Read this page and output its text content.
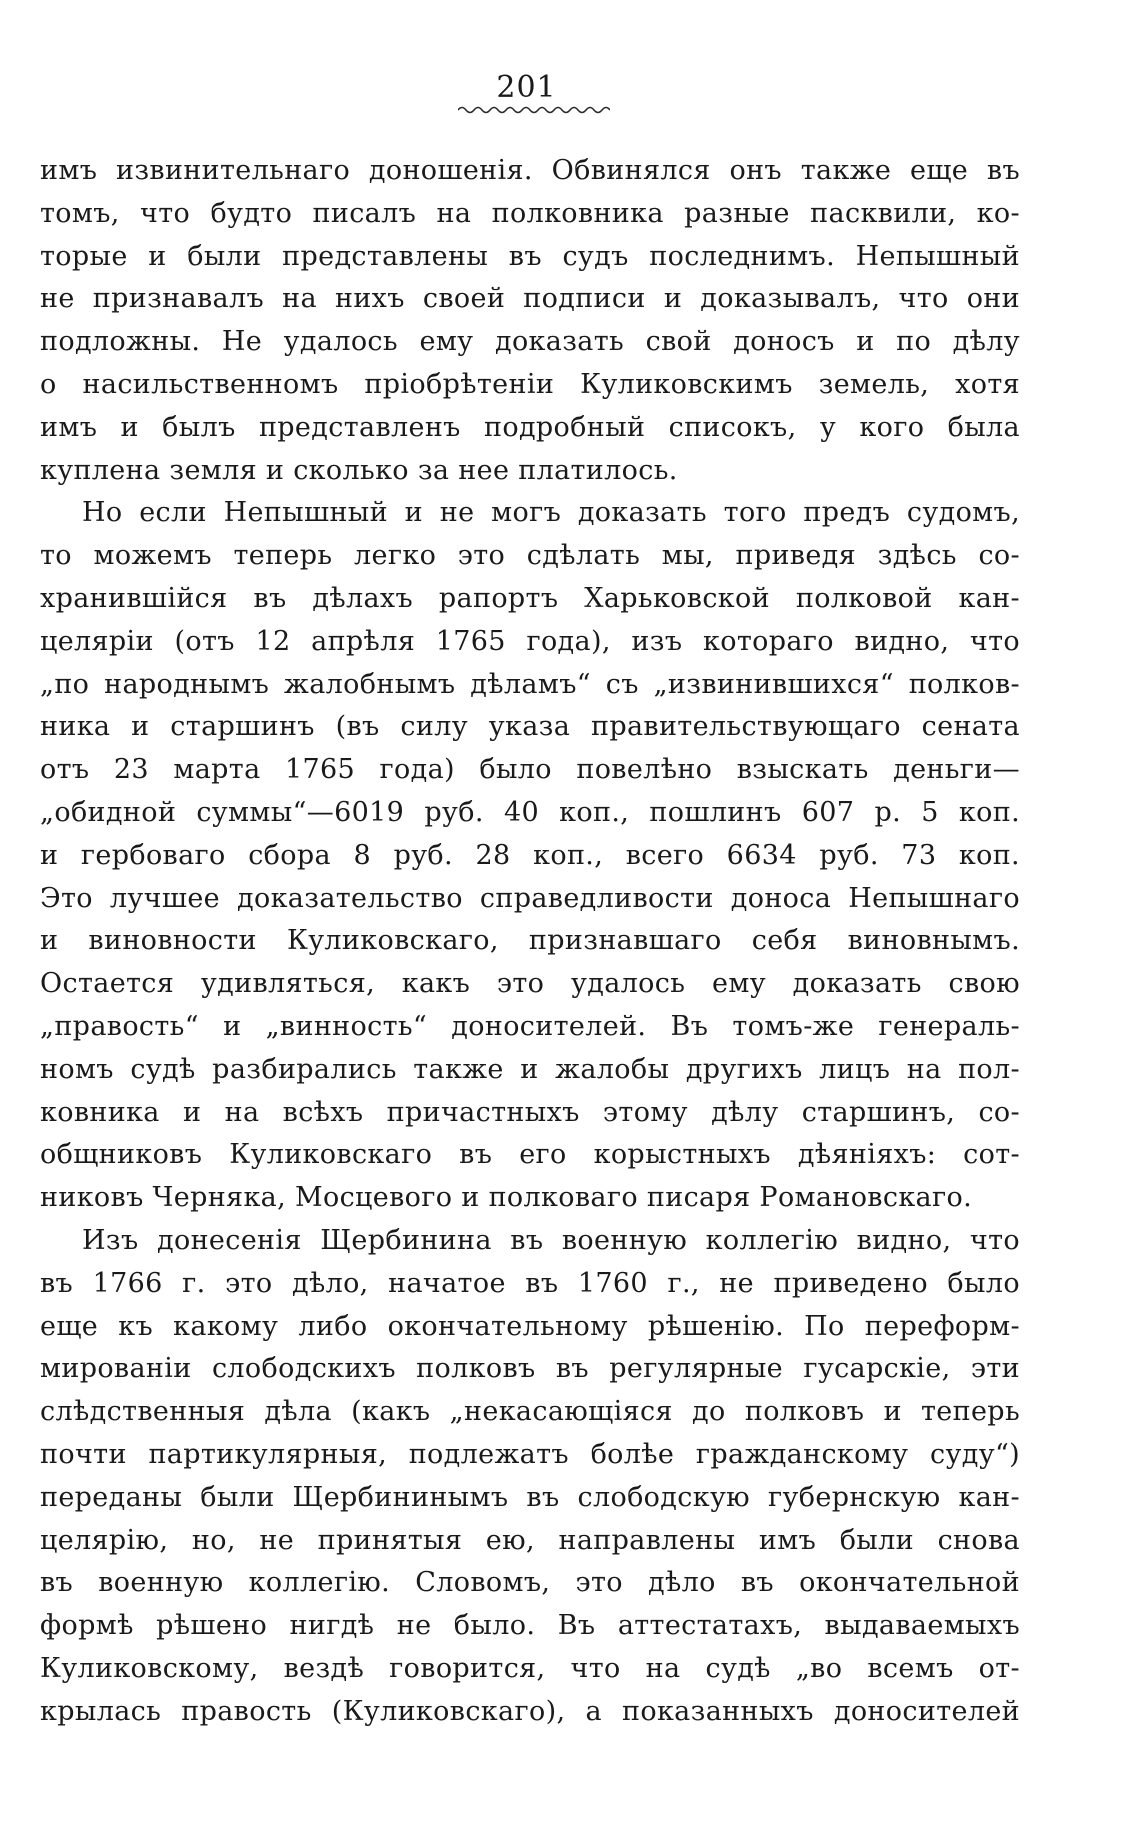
201
имъ извинительнаго доношенія. Обвинялся онъ также еще въ
томъ, что будто писалъ на полковника разные пасквили, ко-
торые и были представлены въ судъ последнимъ. Непышный
не признавалъ на нихъ своей подписи и доказывалъ, что они
подложны. Не удалось ему доказать свой доносъ и по дѣлу
о насильственномъ пріобрѣтеніи Куликовскимъ земель, хотя
имъ и былъ представленъ подробный списокъ, у кого была
куплена земля и сколько за нее платилось.
Но если Непышный и не могъ доказать того предъ судомъ,
то можемъ теперь легко это сдѣлать мы, приведя здѣсь со-
хранившійся въ дѣлахъ рапортъ Харьковской полковой кан-
целяріи (отъ 12 апрѣля 1765 года), изъ котораго видно, что
„по народнымъ жалобнымъ дѣламъ“ съ „извинившихся“ полков-
ника и старшинъ (въ силу указа правительствующаго сената
отъ 23 марта 1765 года) было повелѣно взыскать деньги—
„обидной суммы“—6019 руб. 40 коп., пошлинъ 607 р. 5 коп.
и гербоваго сбора 8 руб. 28 коп., всего 6634 руб. 73 коп.
Это лучшее доказательство справедливости доноса Непышнаго
и виновности Куликовскаго, признавшаго себя виновнымъ.
Остается удивляться, какъ это удалось ему доказать свою
„правость“ и „винность“ доносителей. Въ томъ-же генераль-
номъ судѣ разбирались также и жалобы другихъ лицъ на пол-
ковника и на всѣхъ причастныхъ этому дѣлу старшинъ, со-
общниковъ Куликовскаго въ его корыстныхъ дѣяніяхъ: сот-
никовъ Черняка, Мосцевого и полковаго писаря Романовскаго.
Изъ донесенія Щербинина въ военную коллегію видно, что
въ 1766 г. это дѣло, начатое въ 1760 г., не приведено было
еще къ какому либо окончательному рѣшенію. По переформ-
мированіи слободскихъ полковъ въ регулярные гусарскіе, эти
слѣдственныя дѣла (какъ „некасающіяся до полковъ и теперь
почти партикулярныя, подлежатъ болѣе гражданскому суду“)
переданы были Щербининымъ въ слободскую губернскую кан-
целярію, но, не принятыя ею, направлены имъ были снова
въ военную коллегію. Словомъ, это дѣло въ окончательной
формѣ рѣшено нигдѣ не было. Въ аттестатахъ, выдаваемыхъ
Куликовскому, вездѣ говорится, что на судѣ „во всемъ от-
крылась правость (Куликовскаго), а показанныхъ доносителей
